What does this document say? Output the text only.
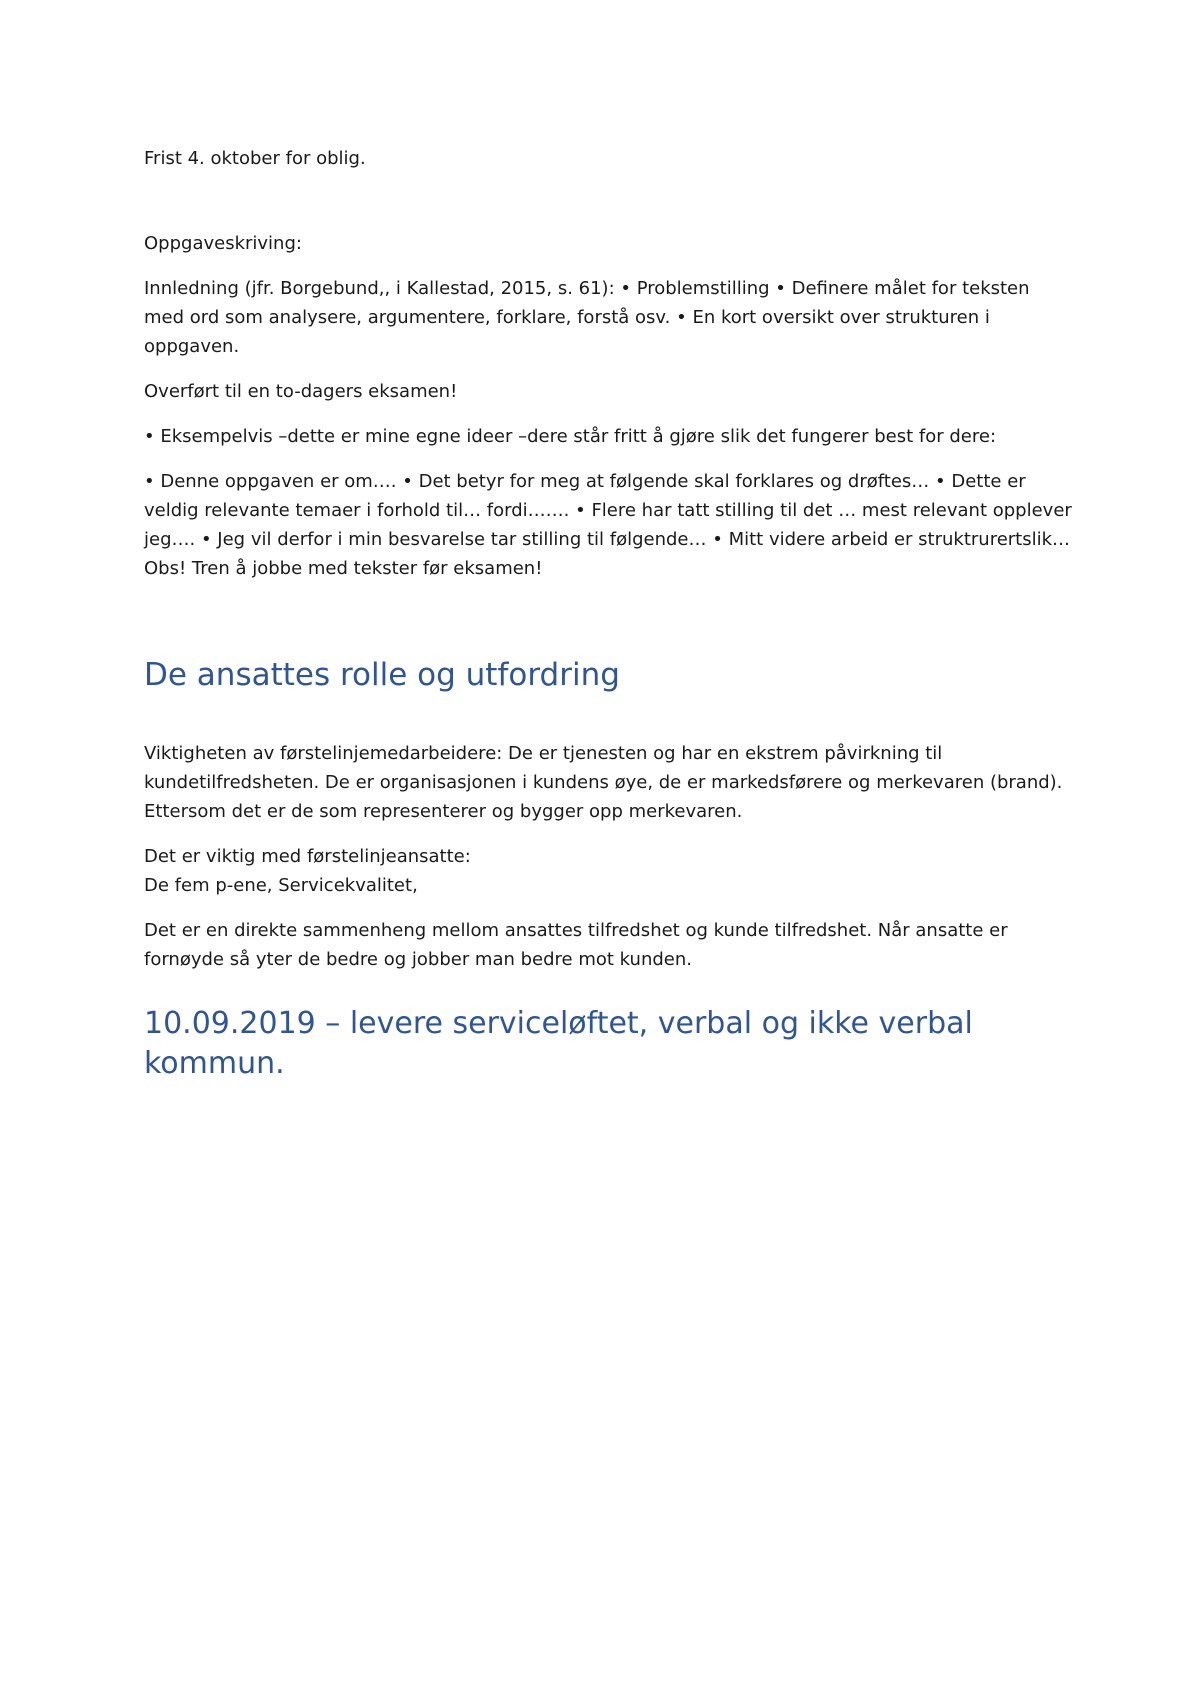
Frist 4. oktober for oblig.

Oppgaveskriving:

Innledning (jfr. Borgebund,, i Kallestad, 2015, s. 61): • Problemstilling • Definere målet for teksten med ord som analysere, argumentere, forklare, forstå osv. • En kort oversikt over strukturen i oppgaven.

Overført til en to-dagers eksamen!

• Eksempelvis –dette er mine egne ideer –dere står fritt å gjøre slik det fungerer best for dere:

• Denne oppgaven er om…. • Det betyr for meg at følgende skal forklares og drøftes… • Dette er veldig relevante temaer i forhold til… fordi……. • Flere har tatt stilling til det … mest relevant opplever jeg…. • Jeg vil derfor i min besvarelse tar stilling til følgende… • Mitt videre arbeid er struktrurertslik… Obs! Tren å jobbe med tekster før eksamen!

De ansattes rolle og utfordring

Viktigheten av førstelinjemedarbeidere: De er tjenesten og har en ekstrem påvirkning til kundetilfredsheten. De er organisasjonen i kundens øye, de er markedsførere og merkevaren (brand). Ettersom det er de som representerer og bygger opp merkevaren.

Det er viktig med førstelinjeansatte:
De fem p-ene, Servicekvalitet,

Det er en direkte sammenheng mellom ansattes tilfredshet og kunde tilfredshet. Når ansatte er fornøyde så yter de bedre og jobber man bedre mot kunden.

10.09.2019 – levere serviceløftet, verbal og ikke verbal kommun.
